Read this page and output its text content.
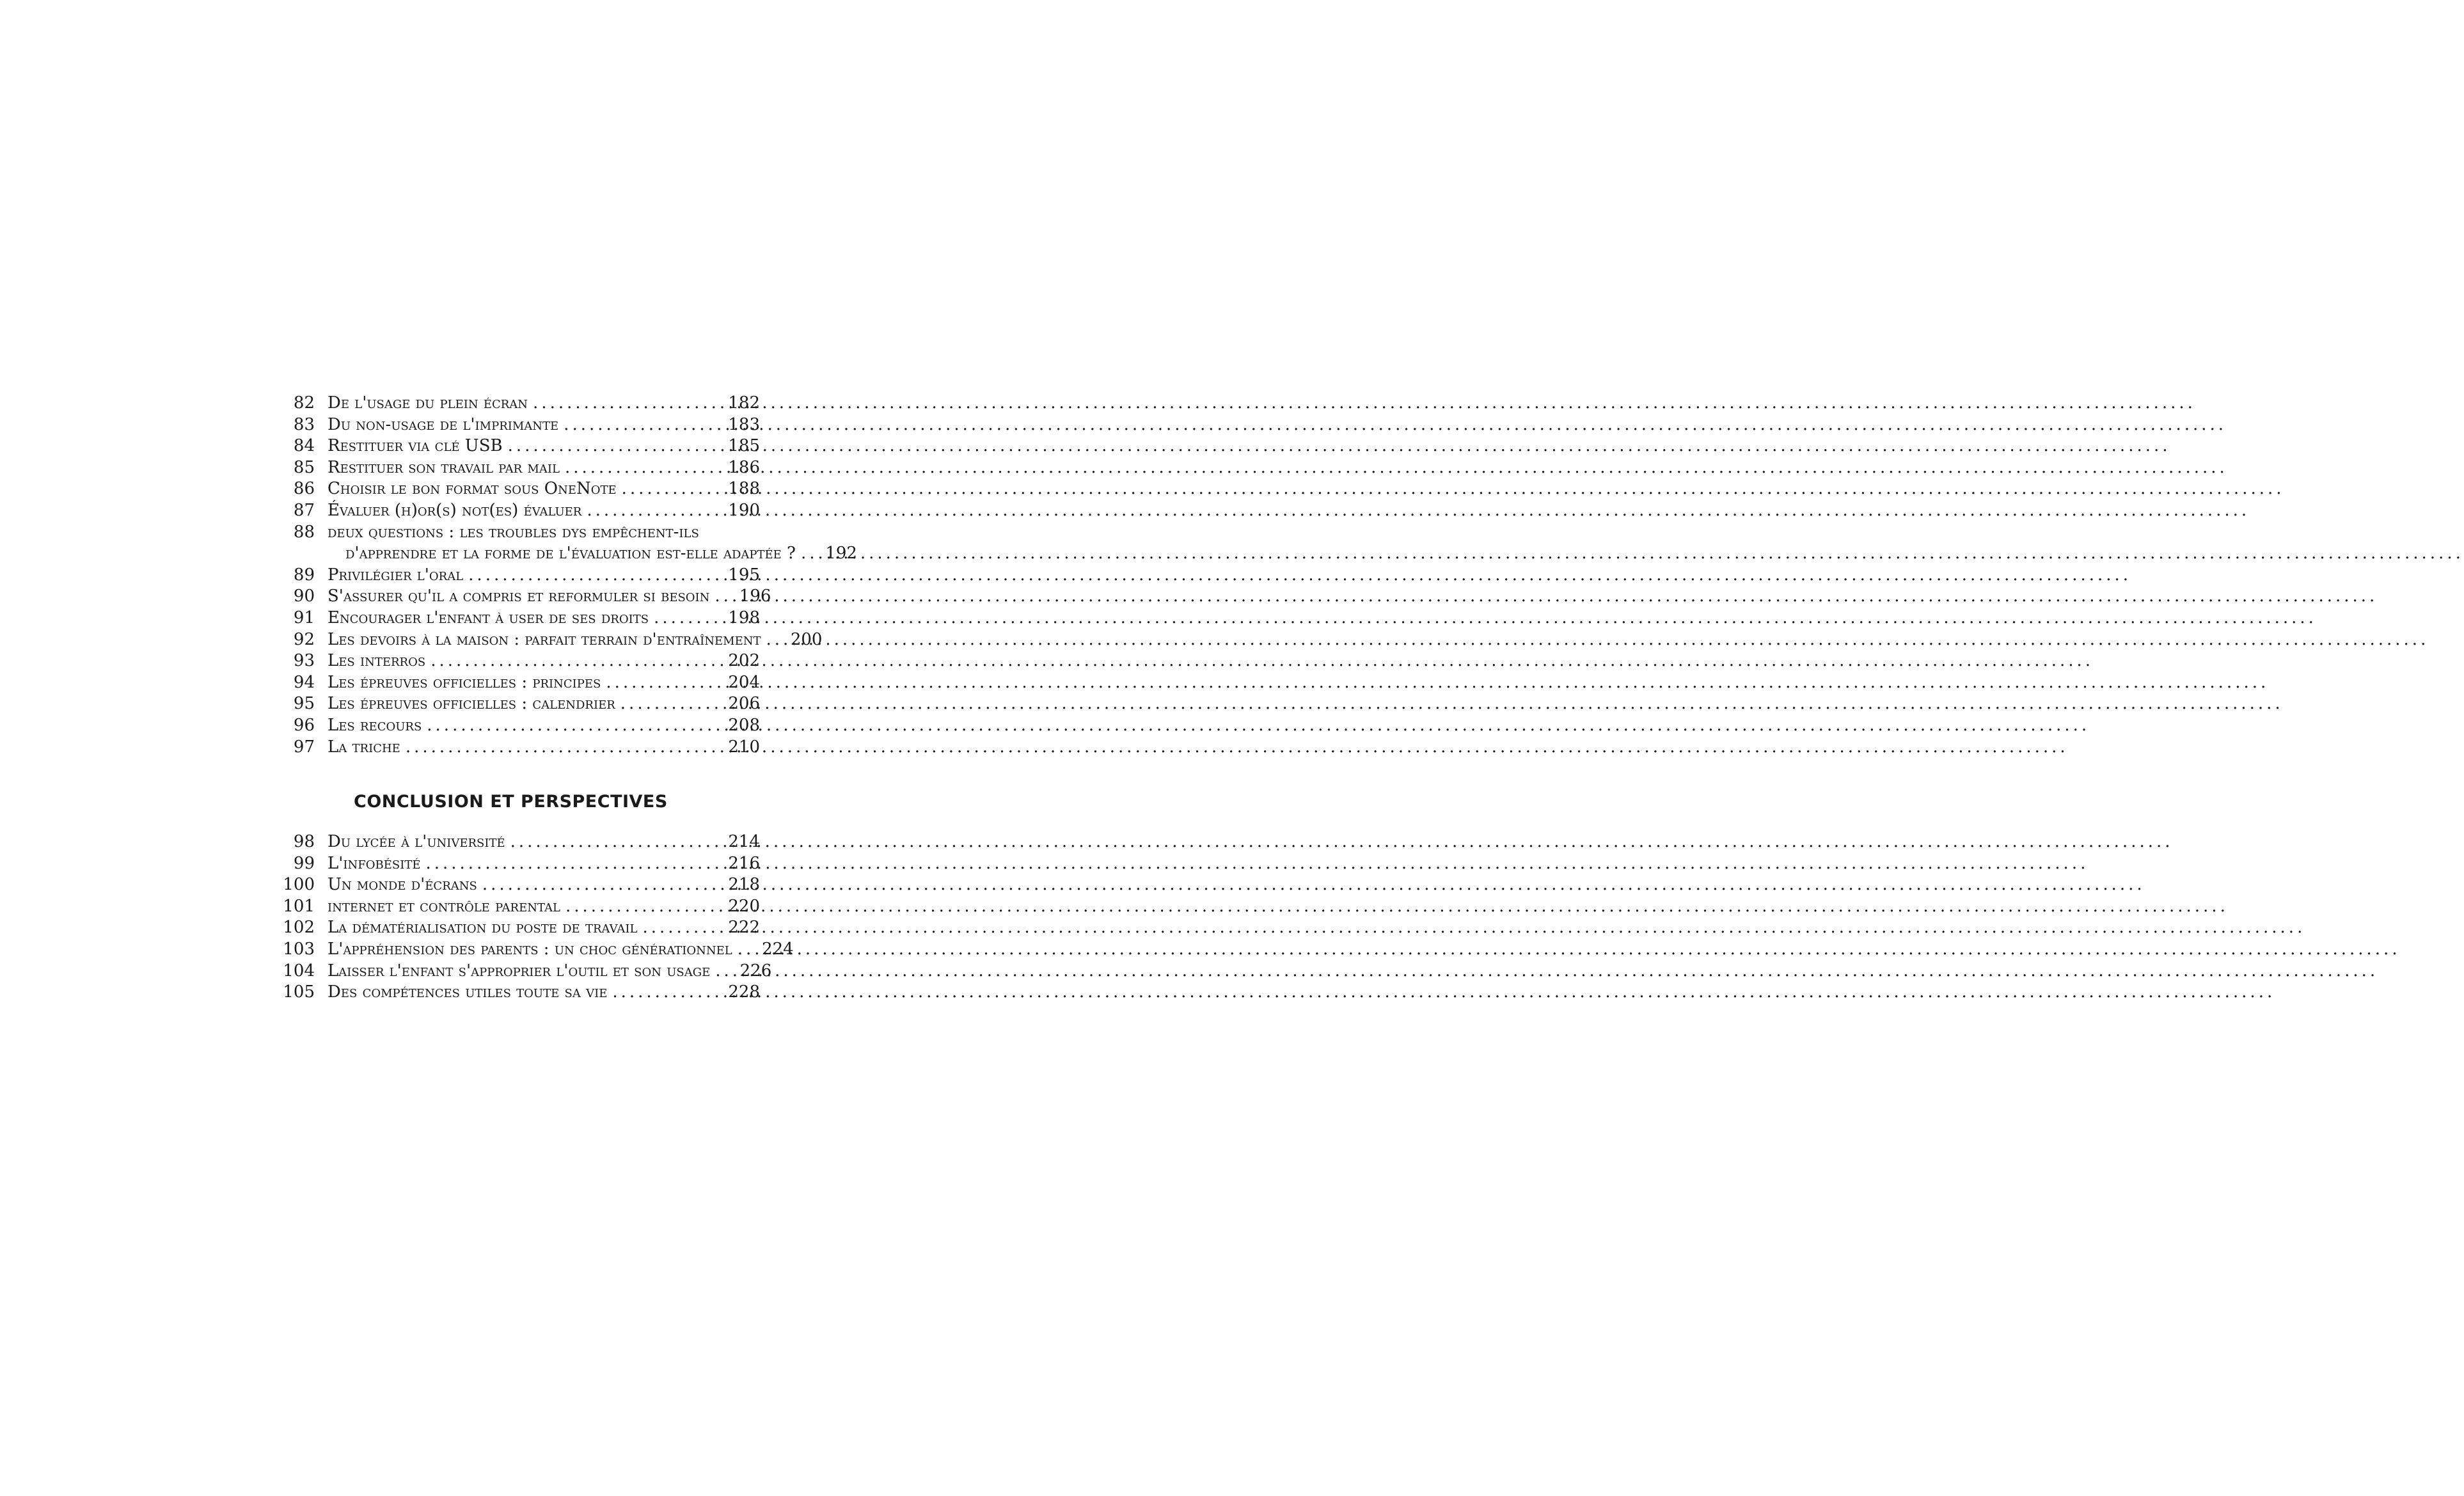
82 De l'usage du plein écran .....	182
83 Du non-usage de l'imprimante .....	183
84 Restituer via clé USB .....	185
85 Restituer son travail par mail .....	186
86 Choisir le bon format sous OneNote .....	188
87 Évaluer (h)or(s) not(es) évaluer .....	190
88 deux questions : les troubles dys empêchent-ils
d'apprendre et la forme de l'évaluation est-elle adaptée ? .....	192
89 Privilégier l'oral .....	195
90 S'assurer qu'il a compris et reformuler si besoin .....	196
91 Encourager l'enfant à user de ses droits .....	198
92 Les devoirs à la maison : parfait terrain d'entraînement .....	200
93 Les interros .....	202
94 Les épreuves officielles : principes .....	204
95 Les épreuves officielles : calendrier .....	206
96 Les recours .....	208
97 La triche .....	210
CONCLUSION ET PERSPECTIVES
98 Du lycée à l'université .....	214
99 L'infobésité .....	216
100 Un monde d'écrans .....	218
101 internet et contrôle parental .....	220
102 La dématérialisation du poste de travail .....	222
103 L'appréhension des parents : un choc générationnel .....	224
104 Laisser l'enfant s'approprier l'outil et son usage .....	226
105 Des compétences utiles toute sa vie .....	228
